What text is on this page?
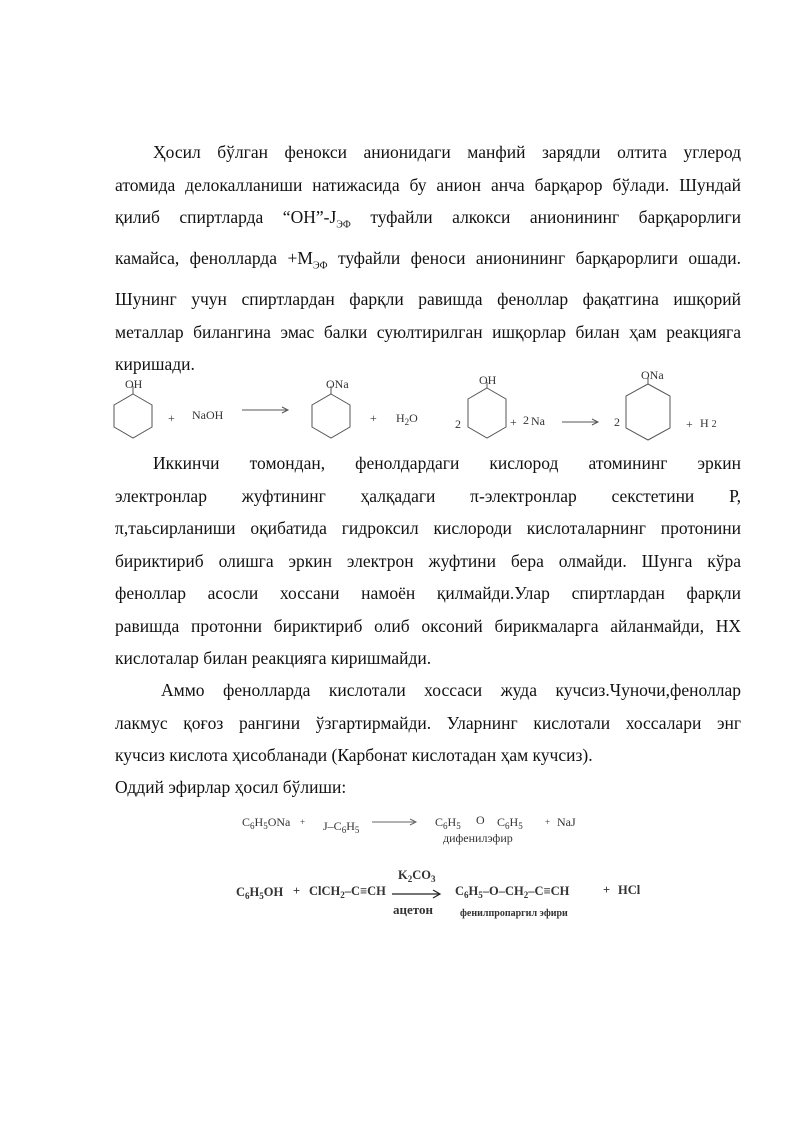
Ҳосил бўлган фенокси анионидаги манфий зарядли олтита углерод
атомида делокалланиши натижасида бу анион анча барқарор бўлади. Шундай
қилиб спиртларда “$ОН”-J_{ЭФ}$ туфайли алкокси анионининг барқарорлиги
камайса, фенолларда $+М_{ЭФ}$ туфайли феноси анионининг барқарорлиги ошади.
Шунинг учун спиртлардан фарқли равишда феноллар фақатгина ишқорий
металлар билангина эмас балки суюлтирилган ишқорлар билан ҳам реакцияга
киришади.
OH
+ NaOH
ONa
+ $H_2O$	2
OH
+ 2 Na	2
ONa
+ H 2
Иккинчи томондан, фенолдардаги кислород атомининг эркин
электронлар жуфтининг ҳалқадаги π-электронлар секстетини Р,
π,таьсирланиши оқибатида гидроксил кислороди кислоталарнинг протонини
бириктириб олишга эркин электрон жуфтини бера олмайди. Шунга кўра
феноллар асосли хоссани намоён қилмайди.Улар спиртлардан фарқли
равишда протонни бириктириб олиб оксоний бирикмаларга айланмайди, НХ
кислоталар билан реакцияга киришмайди.
Аммо фенолларда кислотали хоссаси жуда кучсиз.Чуночи,феноллар
лакмус қоғоз рангини ўзгартирмайди. Уларнинг кислотали хоссалари энг
кучсиз кислота ҳисобланади (Карбонат кислотадан ҳам кучсиз).
Оддий эфирлар ҳосил бўлиши:
$C_6H_5ONa + J-C_6H_5$
$C_6H_5$ O $C_6H_5$ + NaJ
дифенилэфир
$C_6H_5OH$ + ClCH$_2$–C≡CH
$K_2CO_3$
ацетон
$C_6H_5-O-CH_2-C\equiv CH$	+ HCl
фенилпропаргил эфири
